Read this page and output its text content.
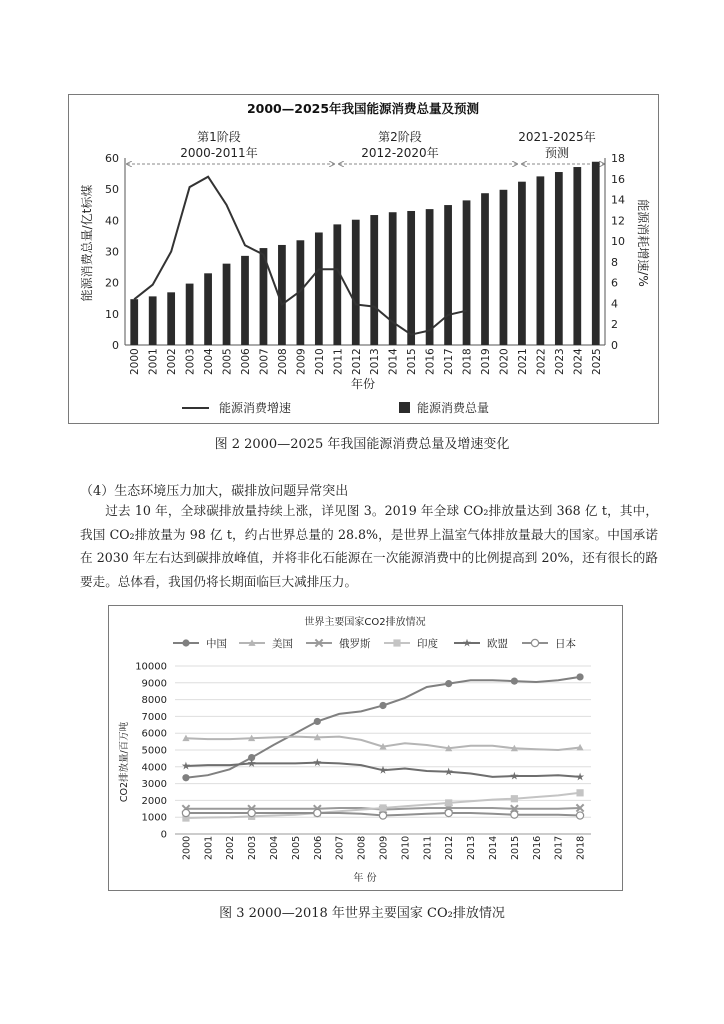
2000—2025年我国能源消费总量及预测
第1阶段
2000-2011年
第2阶段
2012-2020年
2021-2025年
预测
0
10
20
30
40
50
60
0
2
4
6
8
10
12
14
16
18
2000 2001 2002 2003 2004 2005 2006 2007 2008 2009 2010 2011 2012 2013 2014 2015 2016 2017 2018 2019 2020 2021 2022 2023 2024 2025
能源消费总量/亿t标煤	能源消耗增速/%
年份
能源消费增速	能源消费总量
图 2 2000—2025 年我国能源消费总量及增速变化
（4）生态环境压力加大，碳排放问题异常突出

过去 10 年，全球碳排放量持续上涨，详见图 3。2019 年全球 CO₂排放量达到 368 亿 t，其中，我国 CO₂排放量为 98 亿 t，约占世界总量的 28.8%，是世界上温室气体排放量最大的国家。中国承诺在 2030 年左右达到碳排放峰值，并将非化石能源在一次能源消费中的比例提高到 20%，还有很长的路要走。总体看，我国仍将长期面临巨大减排压力。

世界主要国家CO2排放情况
中国	美国	俄罗斯	印度	欧盟	日本
0
1000
2000
3000
4000
5000
6000
7000
8000
9000
10000
2000 2001 2002 2003 2004 2005 2006 2007 2008 2009 2010 2011 2012 2013 2014 2015 2016 2017 2018
CO2排放量/百万吨
年 份
图 3 2000—2018 年世界主要国家 CO₂排放情况
